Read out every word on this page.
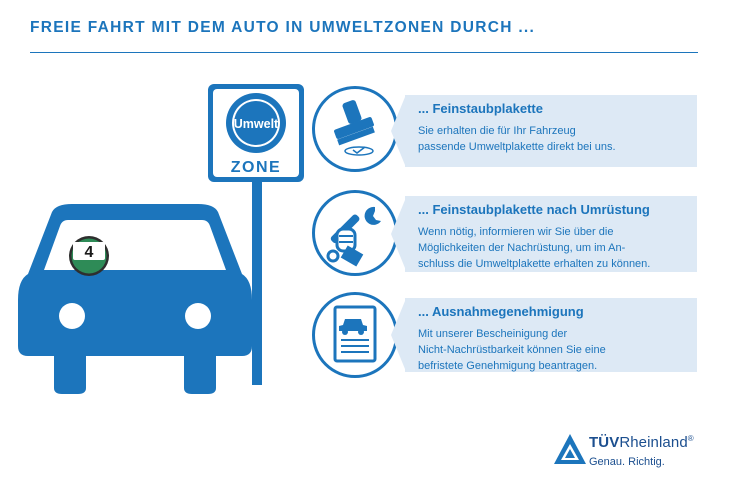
FREIE FAHRT MIT DEM AUTO IN UMWELTZONEN DURCH ...
Umwelt
ZONE
4
... Feinstaubplakette
Sie erhalten die für Ihr Fahrzeug
passende Umweltplakette direkt bei uns.
... Feinstaubplakette nach Umrüstung
Wenn nötig, informieren wir Sie über die
Möglichkeiten der Nachrüstung, um im An-
schluss die Umweltplakette erhalten zu können.
... Ausnahmegenehmigung
Mit unserer Bescheinigung der
Nicht-Nachrüstbarkeit können Sie eine
befristete Genehmigung beantragen.
TÜVRheinland®
Genau. Richtig.
